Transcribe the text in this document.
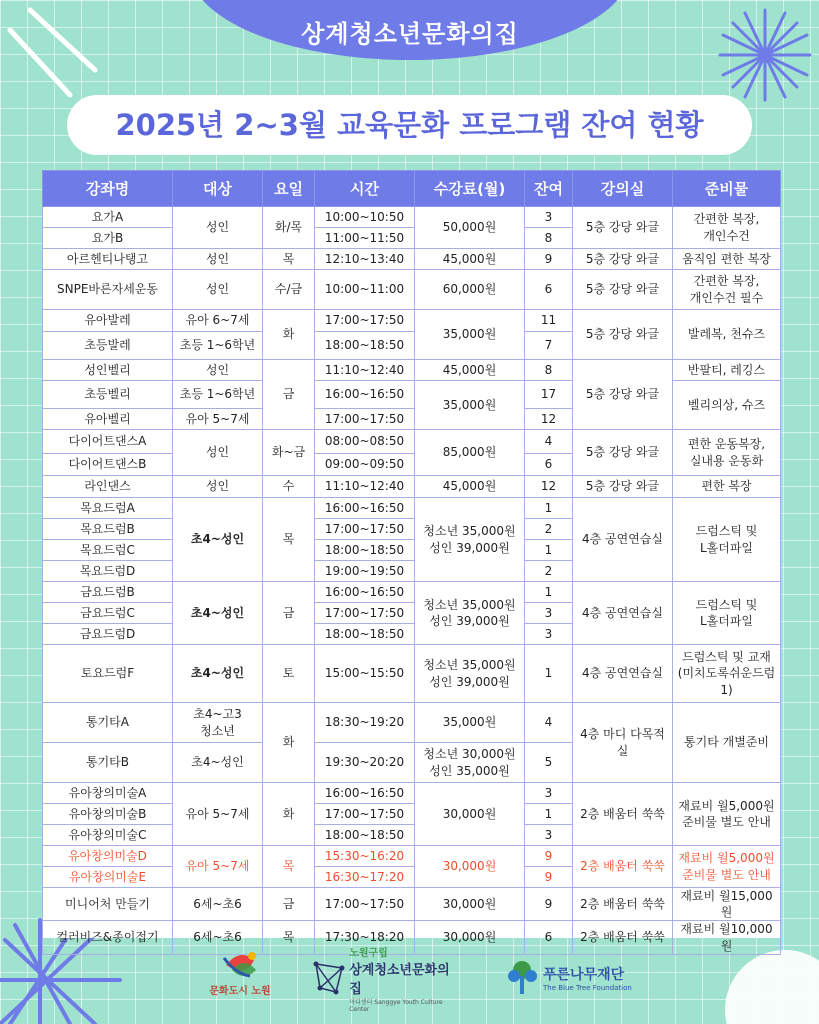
상계청소년문화의집
2025년 2~3월 교육문화 프로그램 잔여 현황
강좌명	대상	요일	시간	수강료(월)	잔여	강의실	준비물
요가A	성인	화/목	10:00~10:50	50,000원	3	5층 강당 와글	간편한 복장,
개인수건
요가B			11:00~11:50		8		
아르헨티나탱고	성인	목	12:10~13:40	45,000원	9	5층 강당 와글	움직임 편한 복장
SNPE바른자세운동	성인	수/금	10:00~11:00	60,000원	6	5층 강당 와글	간편한 복장,
개인수건 필수
유아발레	유아 6~7세	화	17:00~17:50	35,000원	11	5층 강당 와글	발레복, 천슈즈
초등발레	초등 1~6학년		18:00~18:50		7		
성인벨리	성인	금	11:10~12:40	45,000원	8	5층 강당 와글	반팔티, 레깅스
초등벨리	초등 1~6학년		16:00~16:50	35,000원	17		벨리의상, 슈즈
유아벨리	유아 5~7세		17:00~17:50		12		
다이어트댄스A	성인	화~금	08:00~08:50	85,000원	4	5층 강당 와글	편한 운동복장,
실내용 운동화
다이어트댄스B			09:00~09:50		6		
라인댄스	성인	수	11:10~12:40	45,000원	12	5층 강당 와글	편한 복장
목요드럼A	초4~성인	목	16:00~16:50	청소년 35,000원
성인 39,000원	1	4층 공연연습실	드럼스틱 및
L홀더파일
목요드럼B			17:00~17:50		2		
목요드럼C			18:00~18:50		1		
목요드럼D			19:00~19:50		2		
금요드럼B	초4~성인	금	16:00~16:50	청소년 35,000원
성인 39,000원	1	4층 공연연습실	드럼스틱 및
L홀더파일
금요드럼C			17:00~17:50		3		
금요드럼D			18:00~18:50		3		
토요드럼F	초4~성인	토	15:00~15:50	청소년 35,000원
성인 39,000원	1	4층 공연연습실	드럼스틱 및 교재
(미치도록쉬운드럼1)
통기타A	초4~고3
청소년	화	18:30~19:20	35,000원	4	4층 마디 다목적실	통기타 개별준비
통기타B	초4~성인		19:30~20:20	청소년 30,000원
성인 35,000원	5		
유아창의미술A	유아 5~7세	화	16:00~16:50	30,000원	3	2층 배움터 쑥쑥	재료비 월5,000원
준비물 별도 안내
유아창의미술B			17:00~17:50		1		
유아창의미술C			18:00~18:50		3		
유아창의미술D	유아 5~7세	목	15:30~16:20	30,000원	9	2층 배움터 쑥쑥	재료비 월5,000원
준비물 별도 안내
유아창의미술E			16:30~17:20		9		
미니어처 만들기	6세~초6	금	17:00~17:50	30,000원	9	2층 배움터 쑥쑥	재료비 월15,000원
컬러비즈&종이접기	6세~초6	목	17:30~18:20	30,000원	6	2층 배움터 쑥쑥	재료비 월10,000원
문화도시 노원
노원구립
상계청소년문화의집
마디센터 Sanggye Youth Culture Center
푸른나무재단
The Blue Tree Foundation
